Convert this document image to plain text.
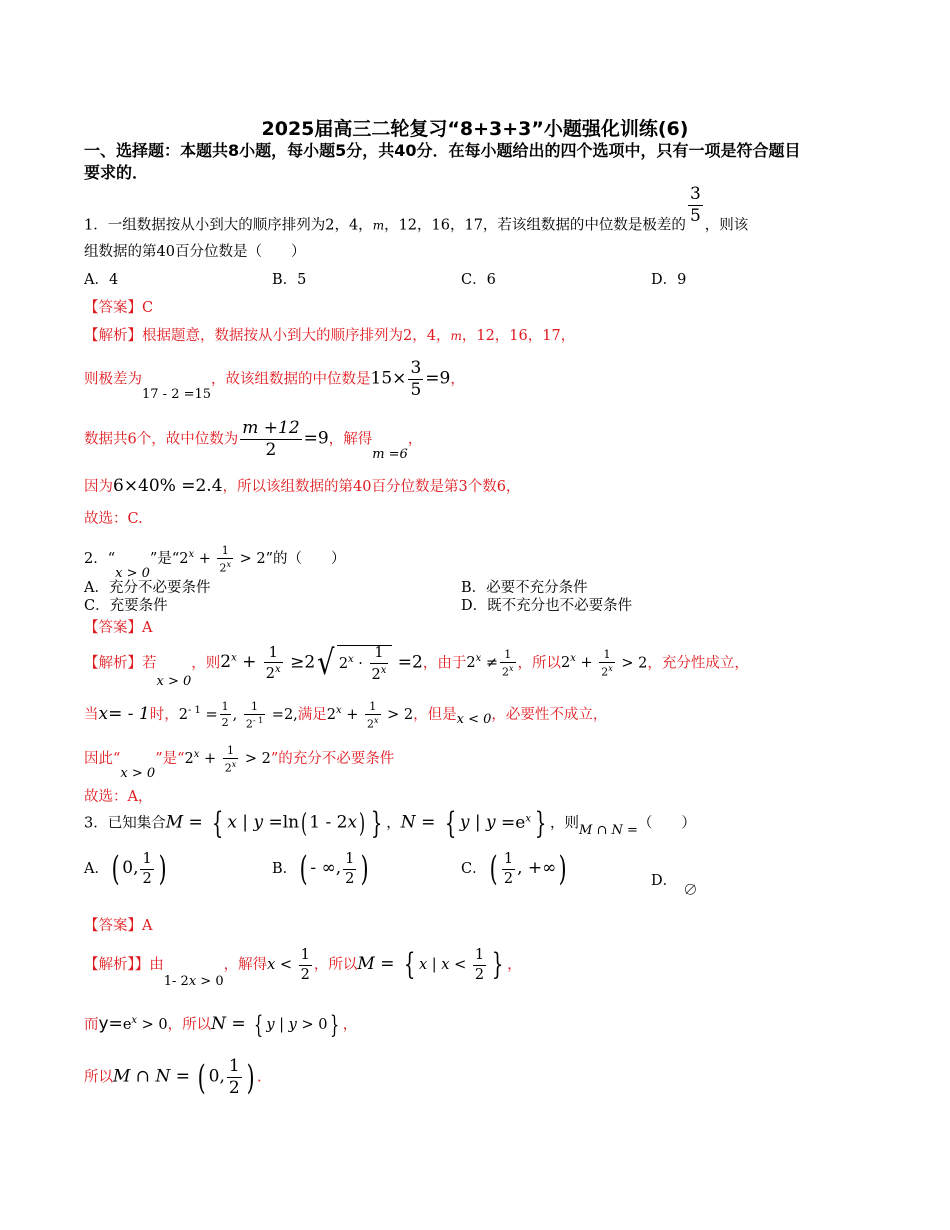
2025届高三二轮复习“8+3+3”小题强化训练(6)
一、选择题：本题共8小题，每小题5分，共40分．在每小题给出的四个选项中，只有一项是符合题目要求的．
1．一组数据按从小到大的顺序排列为2，4，m，12，16，17，若该组数据的中位数是极差的
$\frac{3}{5}$
，则该
组数据的第40百分位数是（　　）
A．4	B．5	C．6	D．9
【答案】C
【解析】根据题意，数据按从小到大的顺序排列为2，4，m，12，16，17，
则极差为17 - 2 =15，故该组数据的中位数是$15\times \frac{3}{5} =9$，
数据共6个，故中位数为 $\frac{m +12}{2} =9$，解得m =6，
因为6×40% =2.4，所以该组数据的第40百分位数是第3个数6，
故选：C.
2．“x > 0”是“$2^x + \frac{1}{2^x} > 2$”的（　　）
A．充分不必要条件	B．必要不充分条件
C．充要条件	D．既不充分也不必要条件
【答案】A
【解析】若x > 0，则$2^x + \frac{1}{2^x} \ge 2√$ $2^x \cdot \frac{1}{2^x} =2$，由于$2^x \ne \frac{1}{2^x}$ ，所以$2^x + \frac{1}{2^x} > 2$，充分性成立，
当x= - 1时，$2^{- 1} = \frac{1}{2}$ , $\frac{1}{2^{- 1}} =2$,满足$2^x + \frac{1}{2^x} > 2$，但是x < 0，必要性不成立，
因此“x > 0”是“$2^x + \frac{1}{2^x} > 2$”的充分不必要条件
故选：A，
3．已知集合M = { x | y =ln( 1 - 2x) } ，N = { y | $y =e^x$ } ，则M ∩ N =（　　）
A．( 0, $\frac{1}{2}$ )	B．( - ∞, $\frac{1}{2}$ )	C．( $\frac{1}{2}$ , +∞)	D．∅
【答案】A
【解析】】由1- 2x > 0，解得$x < \frac{1}{2}$ ，所以M = { x | $x < \frac{1}{2}$ } ，
而$y=e^x > 0$，所以N = { y | y > 0 } ，
所以M ∩ N = ( 0, $\frac{1}{2}$ ) .
